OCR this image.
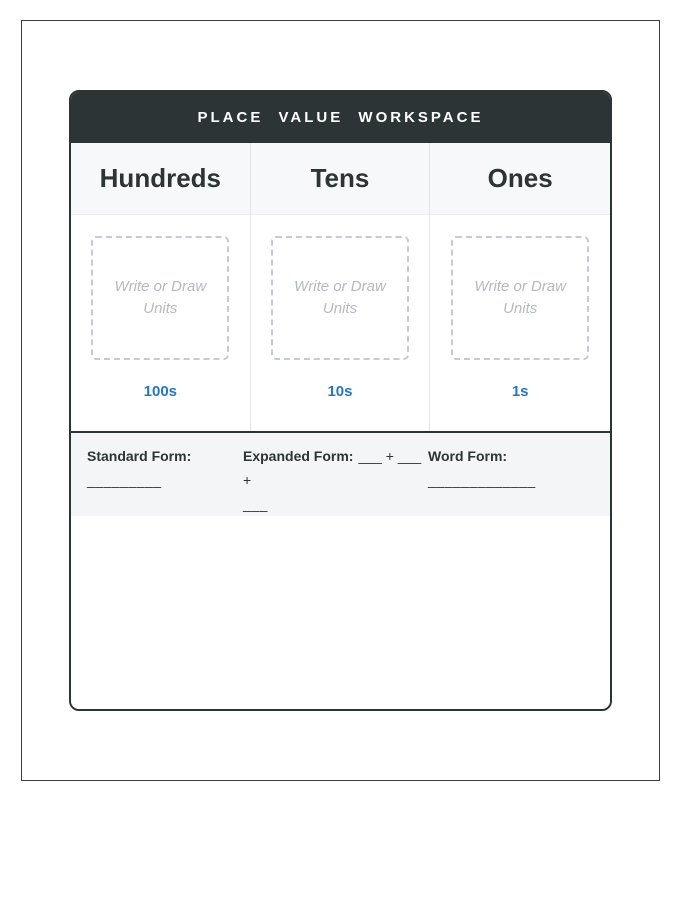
PLACE VALUE WORKSPACE
Hundreds	Tens	Ones
Write or Draw Units
100s
Write or Draw Units
10s
Write or Draw Units
1s
Standard Form:
_________
Expanded Form: ___ + ___ +
___
Word Form:
_____________
